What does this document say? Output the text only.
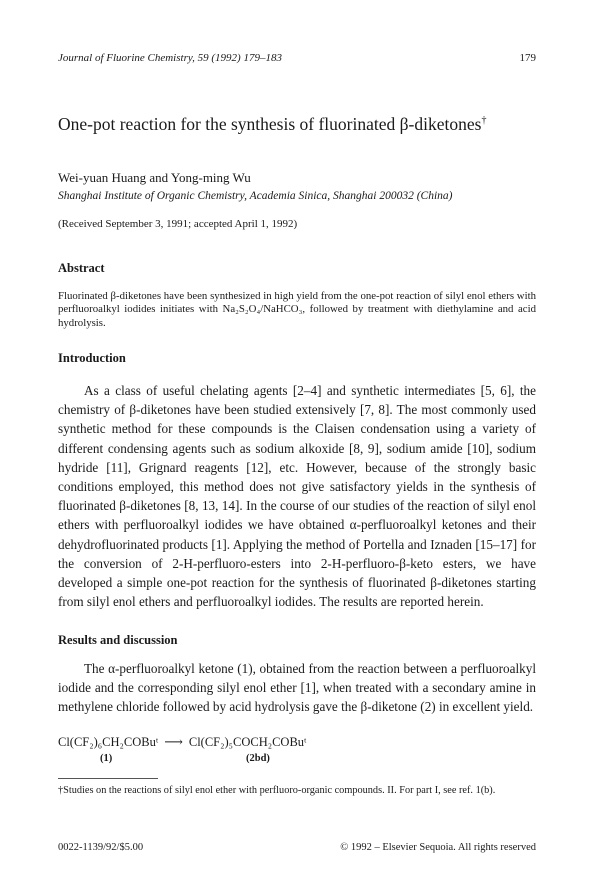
Journal of Fluorine Chemistry, 59 (1992) 179–183	179
One-pot reaction for the synthesis of fluorinated β-diketones†
Wei-yuan Huang and Yong-ming Wu
Shanghai Institute of Organic Chemistry, Academia Sinica, Shanghai 200032 (China)
(Received September 3, 1991; accepted April 1, 1992)
Abstract
Fluorinated β-diketones have been synthesized in high yield from the one-pot reaction of silyl enol ethers with perfluoroalkyl iodides initiates with Na₂S₂O₄/NaHCO₃, followed by treatment with diethylamine and acid hydrolysis.
Introduction

As a class of useful chelating agents [2–4] and synthetic intermediates [5, 6], the chemistry of β-diketones have been studied extensively [7, 8]. The most commonly used synthetic method for these compounds is the Claisen condensation using a variety of different condensing agents such as sodium alkoxide [8, 9], sodium amide [10], sodium hydride [11], Grignard reagents [12], etc. However, because of the strongly basic conditions employed, this method does not give satisfactory yields in the synthesis of fluorinated β-diketones [8, 13, 14]. In the course of our studies of the reaction of silyl enol ethers with perfluoroalkyl iodides we have obtained α-perfluoroalkyl ketones and their dehydrofluorinated products [1]. Applying the method of Portella and Iznaden [15–17] for the conversion of 2-H-perfluoro-esters into 2-H-perfluoro-β-keto esters, we have developed a simple one-pot reaction for the synthesis of fluorinated β-diketones starting from silyl enol ethers and perfluoroalkyl iodides. The results are reported herein.

Results and discussion

The α-perfluoroalkyl ketone (1), obtained from the reaction between a perfluoroalkyl iodide and the corresponding silyl enol ether [1], when treated with a secondary amine in methylene chloride followed by acid hydrolysis gave the β-diketone (2) in excellent yield.

Cl(CF₂)₆CH₂COBuᵗ ⟶ Cl(CF₂)₅COCH₂COBuᵗ
(1)	(2bd)
†Studies on the reactions of silyl enol ether with perfluoro-organic compounds. II. For part I, see ref. 1(b).
0022-1139/92/$5.00	© 1992 – Elsevier Sequoia. All rights reserved
